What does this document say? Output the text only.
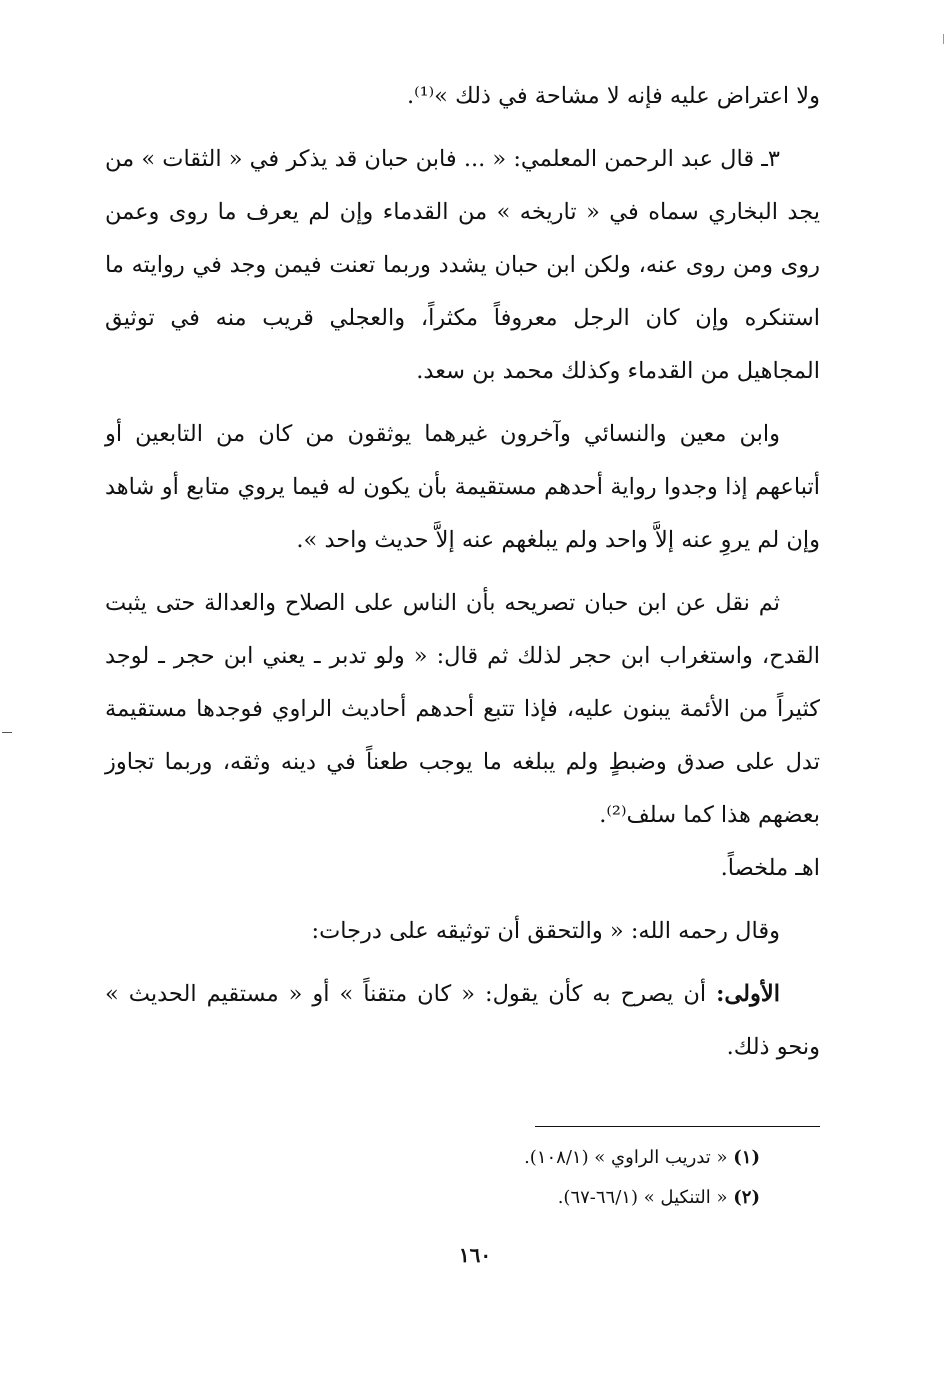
ولا اعتراض عليه فإنه لا مشاحة في ذلك »⁽¹⁾.

٣ـ قال عبد الرحمن المعلمي: « ... فابن حبان قد يذكر في « الثقات » من يجد البخاري سماه في « تاريخه » من القدماء وإن لم يعرف ما روى وعمن روى ومن روى عنه، ولكن ابن حبان يشدد وربما تعنت فيمن وجد في روايته ما استنكره وإن كان الرجل معروفاً مكثراً، والعجلي قريب منه في توثيق المجاهيل من القدماء وكذلك محمد بن سعد.

وابن معين والنسائي وآخرون غيرهما يوثقون من كان من التابعين أو أتباعهم إذا وجدوا رواية أحدهم مستقيمة بأن يكون له فيما يروي متابع أو شاهد وإن لم يروِ عنه إلاَّ واحد ولم يبلغهم عنه إلاَّ حديث واحد ».

ثم نقل عن ابن حبان تصريحه بأن الناس على الصلاح والعدالة حتى يثبت القدح، واستغراب ابن حجر لذلك ثم قال: « ولو تدبر ـ يعني ابن حجر ـ لوجد كثيراً من الأئمة يبنون عليه، فإذا تتبع أحدهم أحاديث الراوي فوجدها مستقيمة تدل على صدق وضبطٍ ولم يبلغه ما يوجب طعناً في دينه وثقه، وربما تجاوز بعضهم هذا كما سلف⁽²⁾.

اهـ ملخصاً.

وقال رحمه الله: « والتحقق أن توثيقه على درجات:

الأولى: أن يصرح به كأن يقول: « كان متقناً » أو « مستقيم الحديث » ونحو ذلك.

(١) « تدريب الراوي » (١٠٨/١).
(٢) « التنكيل » (٦٦/١-٦٧).
١٦٠
